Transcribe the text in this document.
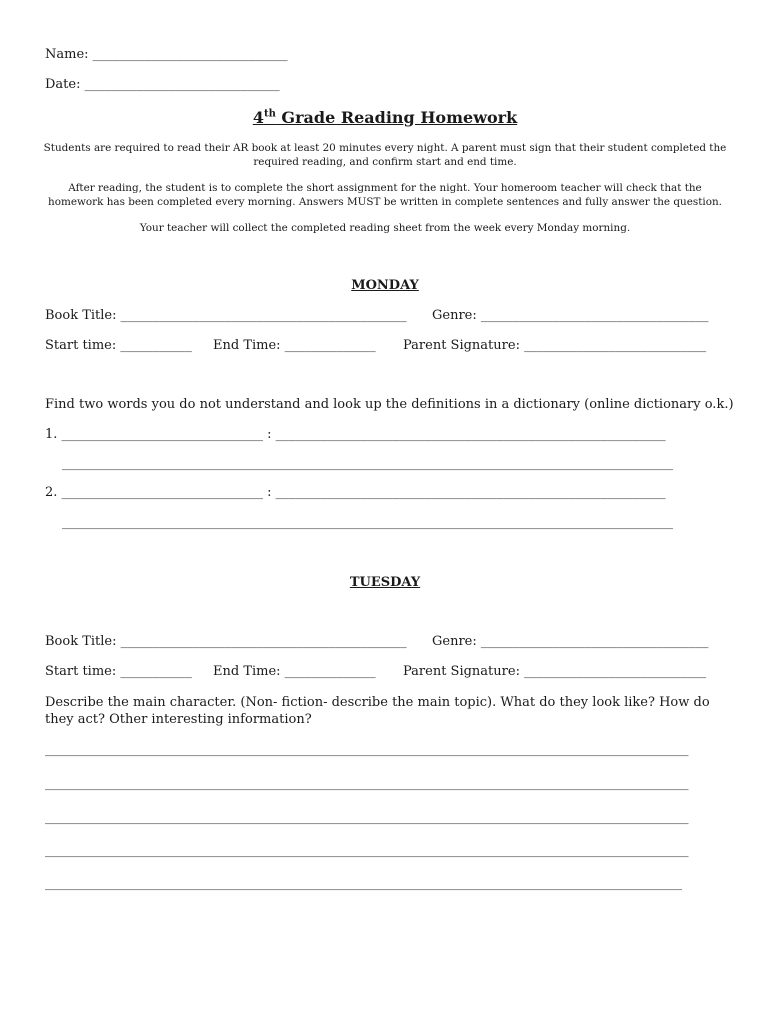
Name: ______________________________
Date: ______________________________
4th Grade Reading Homework
Students are required to read their AR book at least 20 minutes every night. A parent must sign that their student completed the required reading, and confirm start and end time.
After reading, the student is to complete the short assignment for the night. Your homeroom teacher will check that the homework has been completed every morning. Answers MUST be written in complete sentences and fully answer the question.
Your teacher will collect the completed reading sheet from the week every Monday morning.
MONDAY
Book Title: ____________________________________________ Genre: ___________________________________
Start time: ___________ End Time: ______________ Parent Signature: ____________________________
Find two words you do not understand and look up the definitions in a dictionary (online dictionary o.k.)
1. _______________________________ : ____________________________________________________________
______________________________________________________________________________________________
2. _______________________________ : ____________________________________________________________
______________________________________________________________________________________________
TUESDAY
Book Title: ____________________________________________ Genre: ___________________________________
Start time: ___________ End Time: ______________ Parent Signature: ____________________________
Describe the main character. (Non- fiction- describe the main topic). What do they look like? How do they act? Other interesting information?
___________________________________________________________________________________________________
___________________________________________________________________________________________________
___________________________________________________________________________________________________
___________________________________________________________________________________________________
__________________________________________________________________________________________________
